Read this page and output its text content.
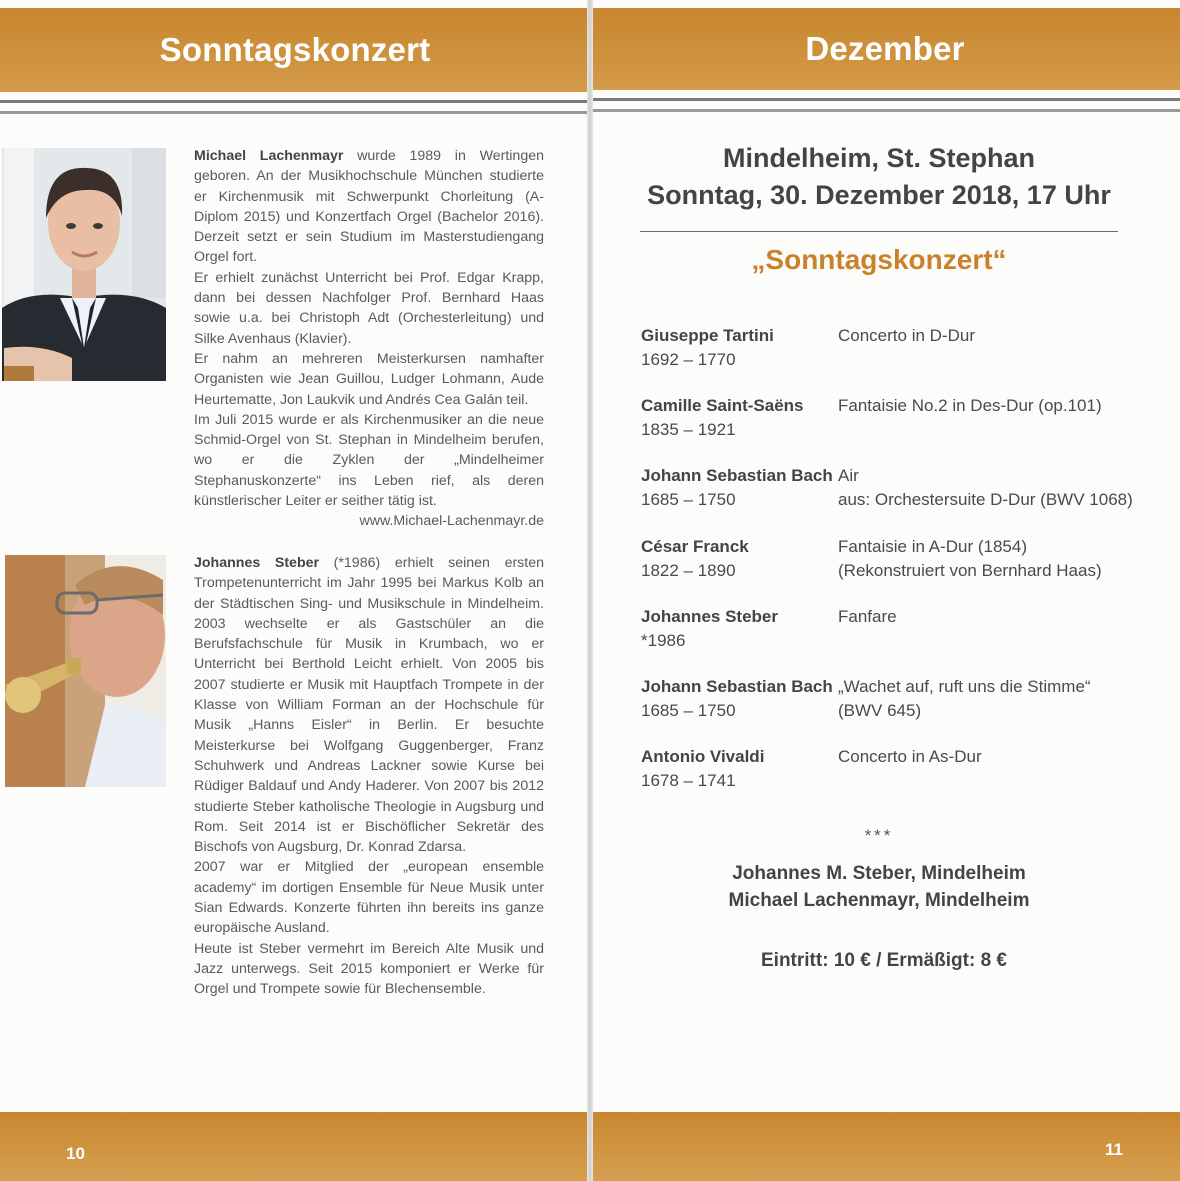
Sonntagskonzert

Michael Lachenmayr wurde 1989 in Wertingen geboren. An der Musikhochschule München studierte er Kirchenmusik mit Schwerpunkt Chorleitung (A-Diplom 2015) und Konzertfach Orgel (Bachelor 2016). Derzeit setzt er sein Studium im Masterstudiengang Orgel fort.

Er erhielt zunächst Unterricht bei Prof. Edgar Krapp, dann bei dessen Nachfolger Prof. Bernhard Haas sowie u.a. bei Christoph Adt (Orchesterleitung) und Silke Avenhaus (Klavier).

Er nahm an mehreren Meisterkursen namhafter Organisten wie Jean Guillou, Ludger Lohmann, Aude Heurtematte, Jon Laukvik und Andrés Cea Galán teil.

Im Juli 2015 wurde er als Kirchenmusiker an die neue Schmid-Orgel von St. Stephan in Mindelheim berufen, wo er die Zyklen der „Mindelheimer Stephanuskonzerte“ ins Leben rief, als deren künstlerischer Leiter er seither tätig ist.

www.Michael-Lachenmayr.de

Johannes Steber (*1986) erhielt seinen ersten Trompetenunterricht im Jahr 1995 bei Markus Kolb an der Städtischen Sing- und Musikschule in Mindelheim. 2003 wechselte er als Gastschüler an die Berufsfachschule für Musik in Krumbach, wo er Unterricht bei Berthold Leicht erhielt. Von 2005 bis 2007 studierte er Musik mit Hauptfach Trompete in der Klasse von William Forman an der Hochschule für Musik „Hanns Eisler“ in Berlin. Er besuchte Meisterkurse bei Wolfgang Guggenberger, Franz Schuhwerk und Andreas Lackner sowie Kurse bei Rüdiger Baldauf und Andy Haderer. Von 2007 bis 2012 studierte Steber katholische Theologie in Augsburg und Rom. Seit 2014 ist er Bischöflicher Sekretär des Bischofs von Augsburg, Dr. Konrad Zdarsa.

2007 war er Mitglied der „european ensemble academy“ im dortigen Ensemble für Neue Musik unter Sian Edwards. Konzerte führten ihn bereits ins ganze europäische Ausland.

Heute ist Steber vermehrt im Bereich Alte Musik und Jazz unterwegs. Seit 2015 komponiert er Werke für Orgel und Trompete sowie für Blechensemble.

10
Dezember
Mindelheim, St. Stephan
Sonntag, 30. Dezember 2018, 17 Uhr
„Sonntagskonzert“
Giuseppe Tartini
1692 – 1770
Concerto in D-Dur
Camille Saint-Saëns
1835 – 1921
Fantaisie No.2 in Des-Dur (op.101)
Johann Sebastian Bach
1685 – 1750
Air
aus: Orchestersuite D-Dur (BWV 1068)
César Franck
1822 – 1890
Fantaisie in A-Dur (1854)
(Rekonstruiert von Bernhard Haas)
Johannes Steber
*1986
Fanfare
Johann Sebastian Bach
1685 – 1750
„Wachet auf, ruft uns die Stimme“
(BWV 645)
Antonio Vivaldi
1678 – 1741
Concerto in As-Dur
***
Johannes M. Steber, Mindelheim
Michael Lachenmayr, Mindelheim
Eintritt: 10 € / Ermäßigt: 8 €
11
